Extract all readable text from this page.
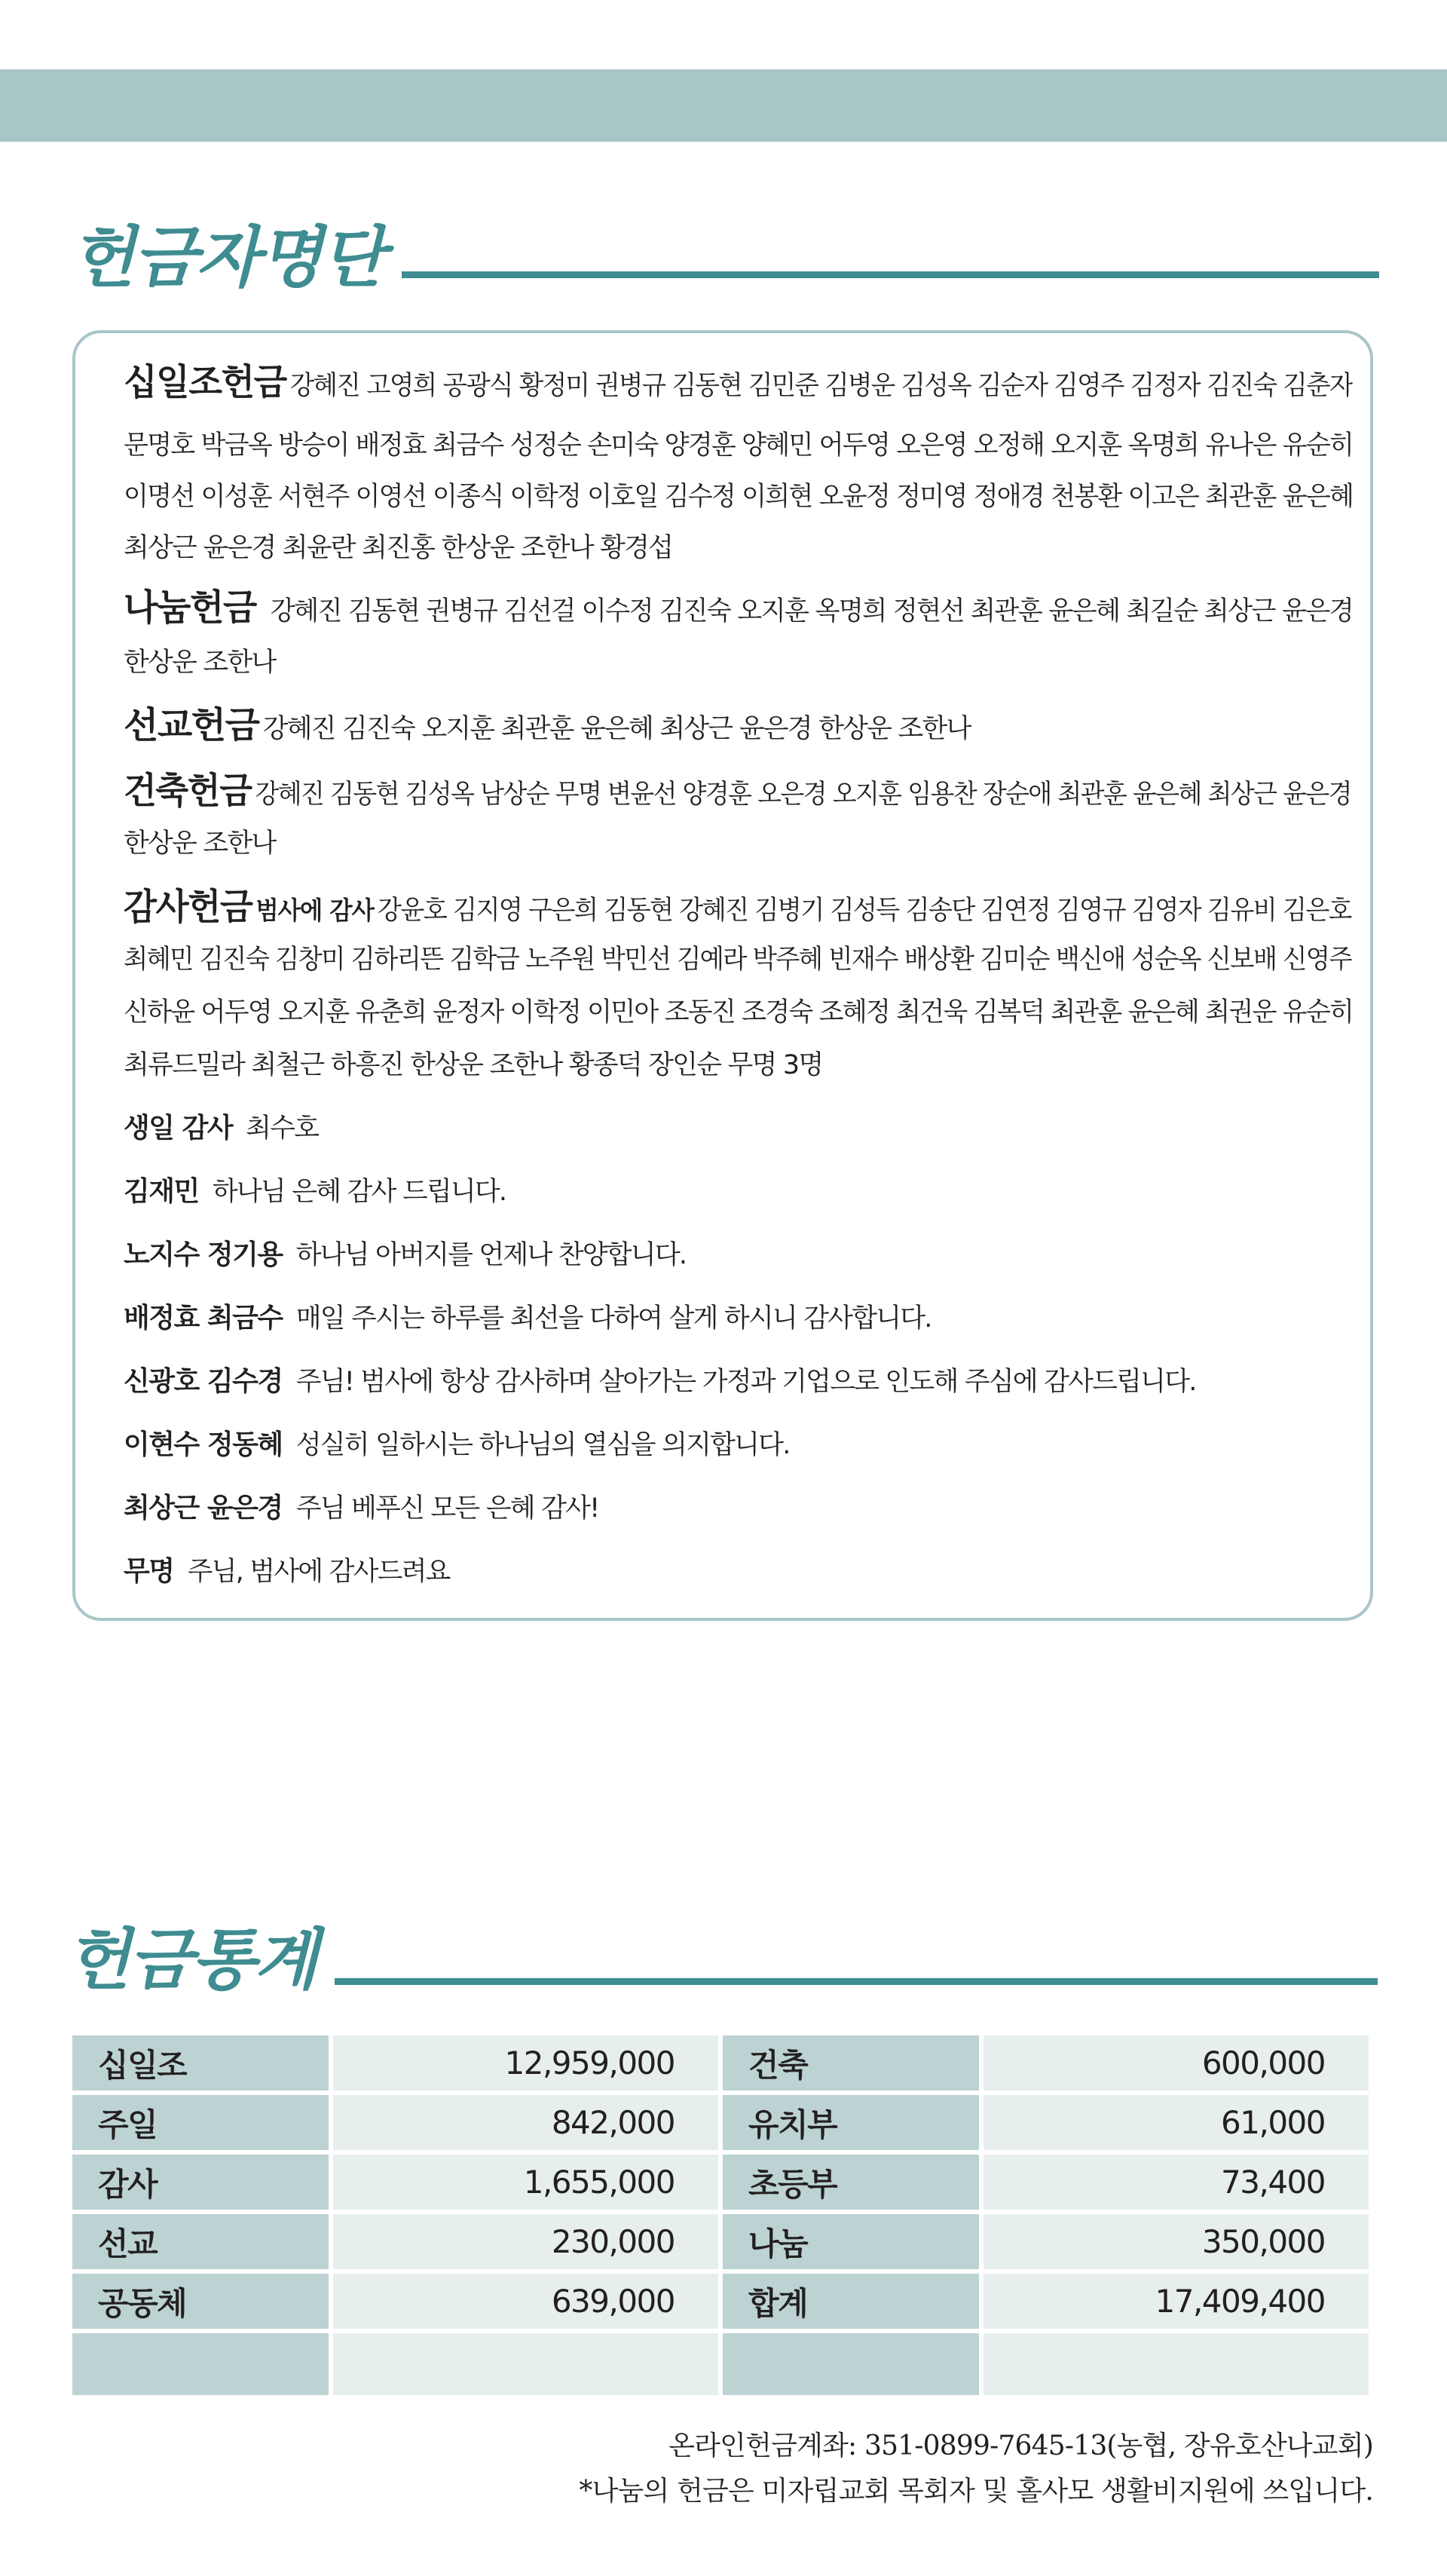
헌금자명단
십일조헌금 강혜진 고영희 공광식 황정미 권병규 김동현 김민준 김병운 김성옥 김순자 김영주 김정자 김진숙 김춘자
문명호 박금옥 방승이 배정효 최금수 성정순 손미숙 양경훈 양혜민 어두영 오은영 오정해 오지훈 옥명희 유나은 유순히
이명선 이성훈 서현주 이영선 이종식 이학정 이호일 김수정 이희현 오윤정 정미영 정애경 천봉환 이고은 최관훈 윤은혜
최상근 윤은경 최윤란 최진홍 한상운 조한나 황경섭
나눔헌금 강혜진 김동현 권병규 김선걸 이수정 김진숙 오지훈 옥명희 정현선 최관훈 윤은혜 최길순 최상근 윤은경
한상운 조한나
선교헌금 강혜진 김진숙 오지훈 최관훈 윤은혜 최상근 윤은경 한상운 조한나
건축헌금 강혜진 김동현 김성옥 남상순 무명 변윤선 양경훈 오은경 오지훈 임용찬 장순애 최관훈 윤은혜 최상근 윤은경
한상운 조한나
감사헌금 범사에 감사 강윤호 김지영 구은희 김동현 강혜진 김병기 김성득 김송단 김연정 김영규 김영자 김유비 김은호
최혜민 김진숙 김창미 김하리뜬 김학금 노주원 박민선 김예라 박주혜 빈재수 배상환 김미순 백신애 성순옥 신보배 신영주
신하윤 어두영 오지훈 유춘희 윤정자 이학정 이민아 조동진 조경숙 조혜정 최건욱 김복덕 최관훈 윤은혜 최권운 유순히
최류드밀라 최철근 하흥진 한상운 조한나 황종덕 장인순 무명 3명
생일 감사 최수호
김재민 하나님 은혜 감사 드립니다.
노지수 정기용 하나님 아버지를 언제나 찬양합니다.
배정효 최금수 매일 주시는 하루를 최선을 다하여 살게 하시니 감사합니다.
신광호 김수경 주님! 범사에 항상 감사하며 살아가는 가정과 기업으로 인도해 주심에 감사드립니다.
이현수 정동혜 성실히 일하시는 하나님의 열심을 의지합니다.
최상근 윤은경 주님 베푸신 모든 은혜 감사!
무명 주님, 범사에 감사드려요
헌금통계
십일조	12,959,000	건축	600,000
주일	842,000	유치부	61,000
감사	1,655,000	초등부	73,400
선교	230,000	나눔	350,000
공동체	639,000	합계	17,409,400

온라인헌금계좌: 351-0899-7645-13(농협, 장유호산나교회)
*나눔의 헌금은 미자립교회 목회자 및 홀사모 생활비지원에 쓰입니다.
